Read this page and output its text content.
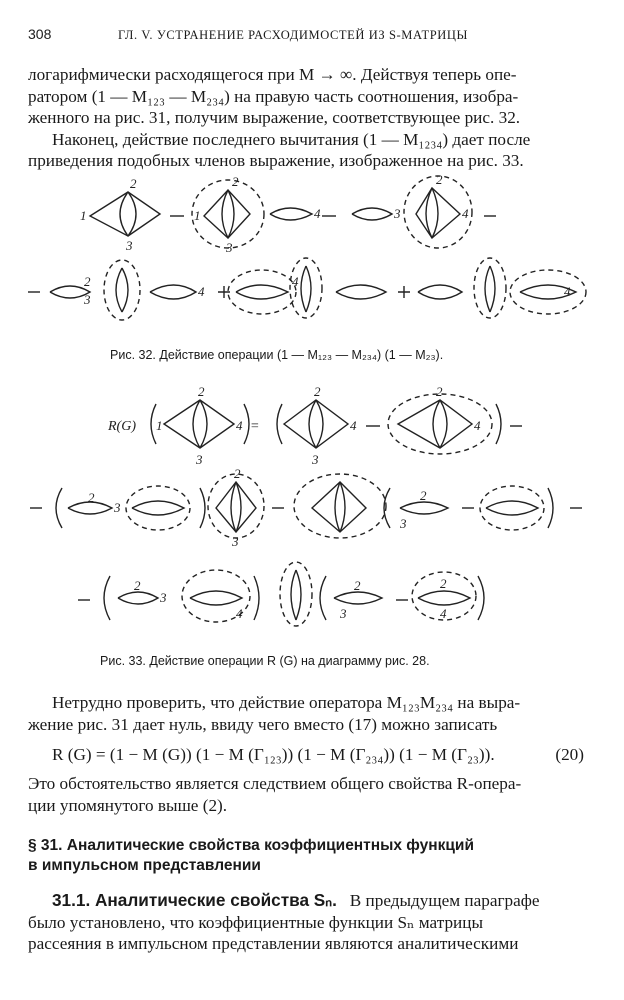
308	ГЛ. V. УСТРАНЕНИЕ РАСХОДИМОСТЕЙ ИЗ S-МАТРИЦЫ

логарифмически расходящегося при M → ∞. Действуя теперь опе-

ратором (1 — M₁₂₃ — M₂₃₄) на правую часть соотношения, изобра-

женного на рис. 31, получим выражение, соответствующее рис. 32.

Наконец, действие последнего вычитания (1 — M₁₂₃₄) дает после

приведения подобных членов выражение, изображенное на рис. 33.

1
2
3
1
2
3
4	3
2
4
2
3
4
4
4
Рис. 32. Действие операции (1 — M₁₂₃ — M₂₃₄) (1 — M₂₃).
R(G)	=
1
2
4
3
2
4
3
2
4
2
3
2
3
2
3
2
3
4
2
3
2
4
Рис. 33. Действие операции R (G) на диаграмму рис. 28.

Нетрудно проверить, что действие оператора M₁₂₃M₂₃₄ на выра-

жение рис. 31 дает нуль, ввиду чего вместо (17) можно записать

R (G) = (1 − M (G)) (1 − M (Γ₁₂₃)) (1 − M (Γ₂₃₄)) (1 − M (Γ₂₃)).	(20)

Это обстоятельство является следствием общего свойства R-опера-

ции упомянутого выше (2).

§ 31. Аналитические свойства коэффициентных функций
в импульсном представлении

31.1. Аналитические свойства Sₙ. В предыдущем параграфе

было установлено, что коэффициентные функции Sₙ матрицы

рассеяния в импульсном представлении являются аналитическими
